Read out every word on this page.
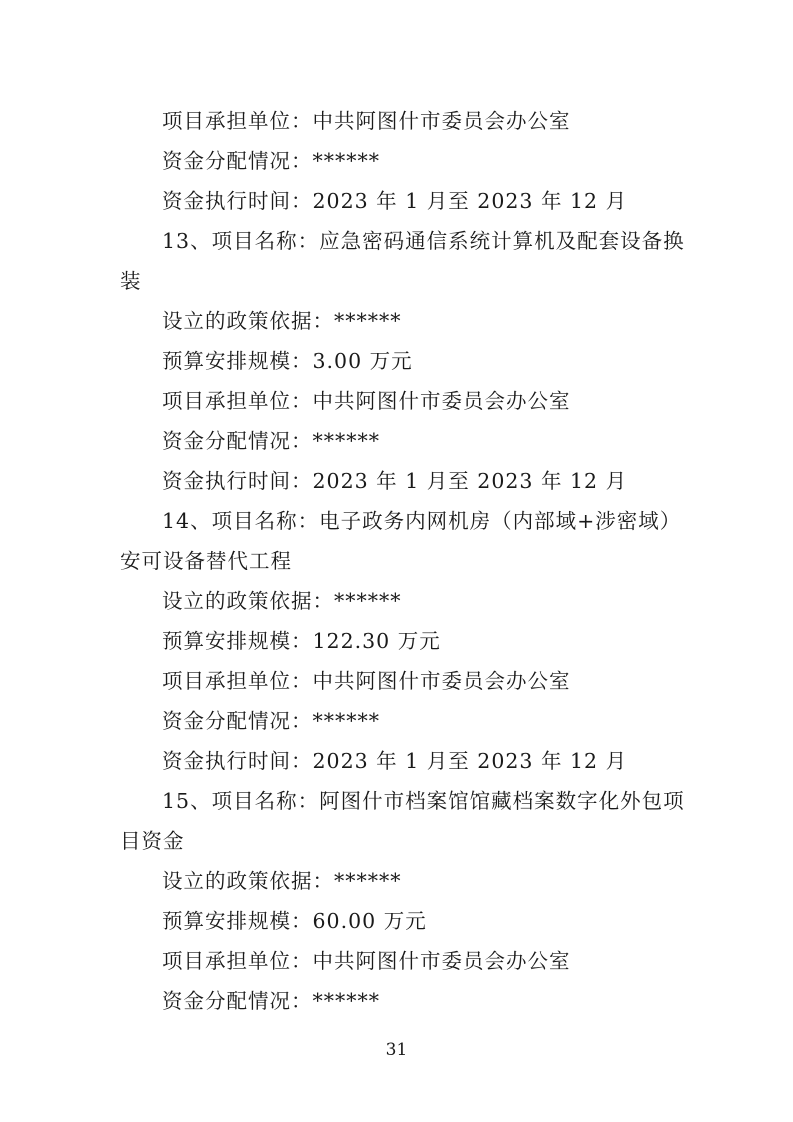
项目承担单位：中共阿图什市委员会办公室
资金分配情况：******
资金执行时间：2023 年 1 月至 2023 年 12 月
13、项目名称：应急密码通信系统计算机及配套设备换
装
设立的政策依据：******
预算安排规模：3.00 万元
项目承担单位：中共阿图什市委员会办公室
资金分配情况：******
资金执行时间：2023 年 1 月至 2023 年 12 月
14、项目名称：电子政务内网机房（内部域+涉密域）
安可设备替代工程
设立的政策依据：******
预算安排规模：122.30 万元
项目承担单位：中共阿图什市委员会办公室
资金分配情况：******
资金执行时间：2023 年 1 月至 2023 年 12 月
15、项目名称：阿图什市档案馆馆藏档案数字化外包项
目资金
设立的政策依据：******
预算安排规模：60.00 万元
项目承担单位：中共阿图什市委员会办公室
资金分配情况：******
31
